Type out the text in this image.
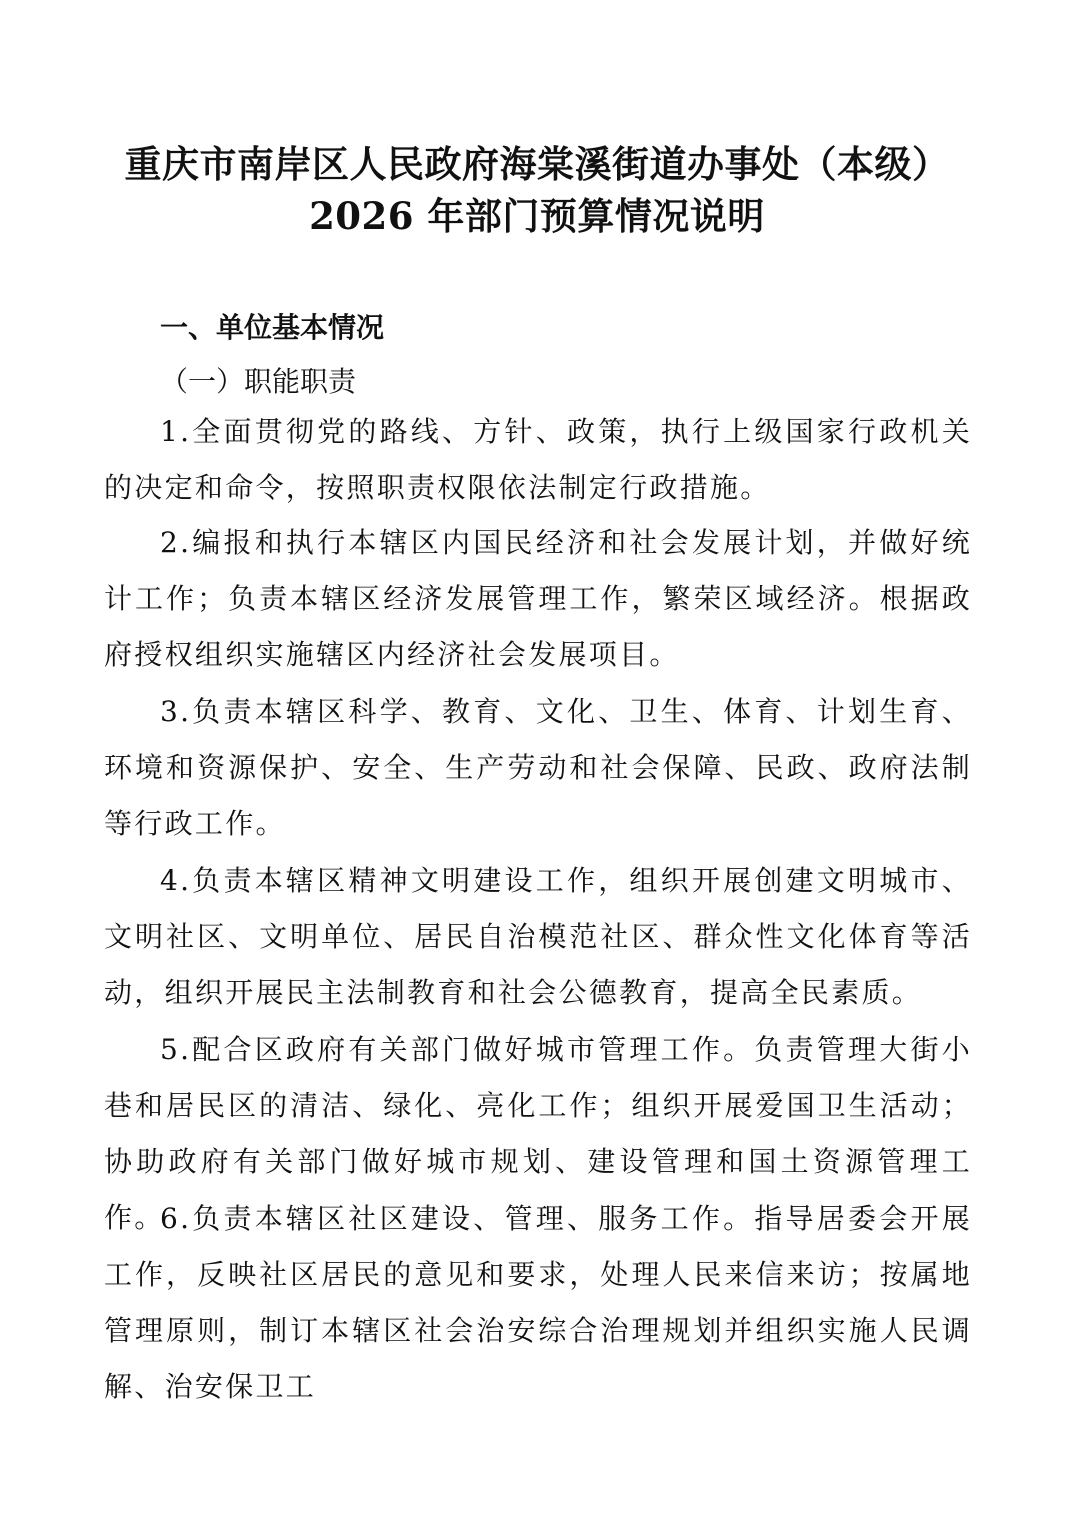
重庆市南岸区人民政府海棠溪街道办事处（本级）
2026 年部门预算情况说明
一、单位基本情况
（一）职能职责

1.全面贯彻党的路线、方针、政策，执行上级国家行政机关的决定和命令，按照职责权限依法制定行政措施。

2.编报和执行本辖区内国民经济和社会发展计划，并做好统计工作；负责本辖区经济发展管理工作，繁荣区域经济。根据政府授权组织实施辖区内经济社会发展项目。

3.负责本辖区科学、教育、文化、卫生、体育、计划生育、环境和资源保护、安全、生产劳动和社会保障、民政、政府法制等行政工作。

4.负责本辖区精神文明建设工作，组织开展创建文明城市、文明社区、文明单位、居民自治模范社区、群众性文化体育等活动，组织开展民主法制教育和社会公德教育，提高全民素质。

5.配合区政府有关部门做好城市管理工作。负责管理大街小巷和居民区的清洁、绿化、亮化工作；组织开展爱国卫生活动；协助政府有关部门做好城市规划、建设管理和国土资源管理工作。

6.负责本辖区社区建设、管理、服务工作。指导居委会开展工作，反映社区居民的意见和要求，处理人民来信来访；按属地管理原则，制订本辖区社会治安综合治理规划并组织实施人民调解、治安保卫工
